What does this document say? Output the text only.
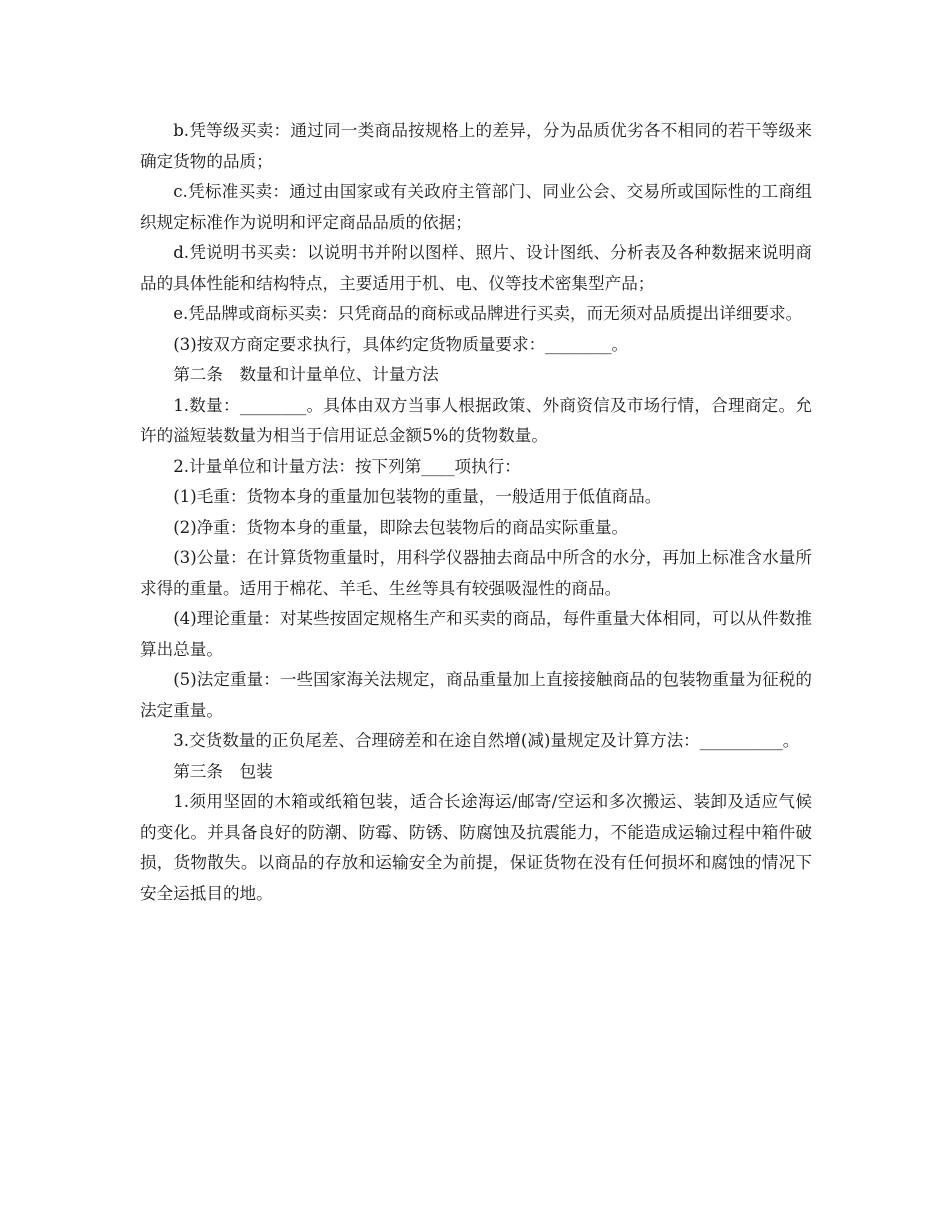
b.凭等级买卖：通过同一类商品按规格上的差异，分为品质优劣各不相同的若干等级来确定货物的品质；

c.凭标准买卖：通过由国家或有关政府主管部门、同业公会、交易所或国际性的工商组织规定标准作为说明和评定商品品质的依据；

d.凭说明书买卖：以说明书并附以图样、照片、设计图纸、分析表及各种数据来说明商品的具体性能和结构特点，主要适用于机、电、仪等技术密集型产品；

e.凭品牌或商标买卖：只凭商品的商标或品牌进行买卖，而无须对品质提出详细要求。

(3)按双方商定要求执行，具体约定货物质量要求：________。

第二条　数量和计量单位、计量方法

1.数量：________。具体由双方当事人根据政策、外商资信及市场行情，合理商定。允许的溢短装数量为相当于信用证总金额5%的货物数量。

2.计量单位和计量方法：按下列第____项执行：

(1)毛重：货物本身的重量加包装物的重量，一般适用于低值商品。

(2)净重：货物本身的重量，即除去包装物后的商品实际重量。

(3)公量：在计算货物重量时，用科学仪器抽去商品中所含的水分，再加上标准含水量所求得的重量。适用于棉花、羊毛、生丝等具有较强吸湿性的商品。

(4)理论重量：对某些按固定规格生产和买卖的商品，每件重量大体相同，可以从件数推算出总量。

(5)法定重量：一些国家海关法规定，商品重量加上直接接触商品的包装物重量为征税的法定重量。

3.交货数量的正负尾差、合理磅差和在途自然增(减)量规定及计算方法：__________。

第三条　包装

1.须用坚固的木箱或纸箱包装，适合长途海运/邮寄/空运和多次搬运、装卸及适应气候的变化。并具备良好的防潮、防霉、防锈、防腐蚀及抗震能力，不能造成运输过程中箱件破损，货物散失。以商品的存放和运输安全为前提，保证货物在没有任何损坏和腐蚀的情况下安全运抵目的地。
